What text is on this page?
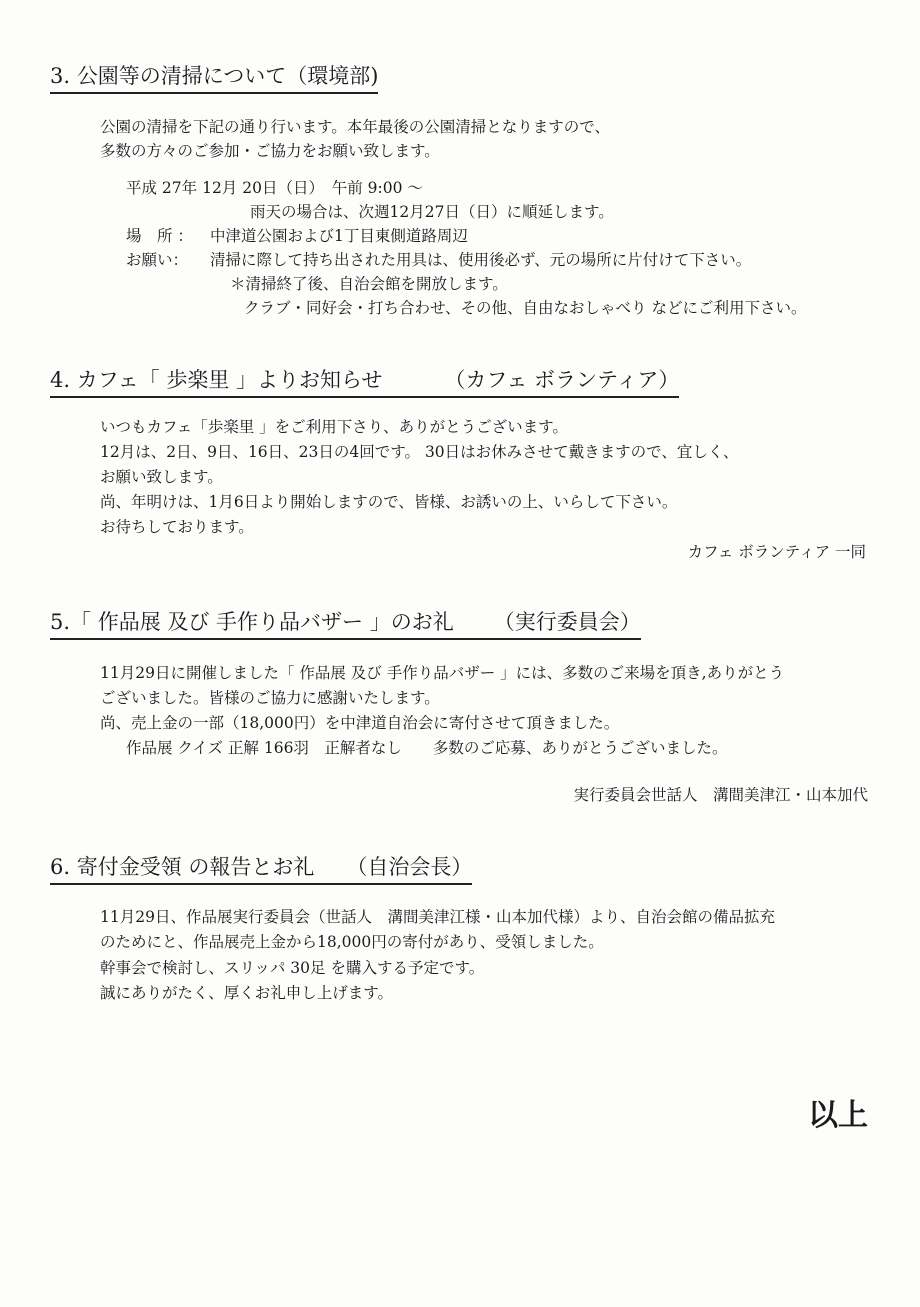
3. 公園等の清掃について（環境部)
公園の清掃を下記の通り行います。本年最後の公園清掃となりますので、
多数の方々のご参加・ご協力をお願い致します。
平成 27年 12月 20日（日）　午前 9:00 ～
雨天の場合は、次週12月27日（日）に順延します。
場　所 ： 中津道公園および1丁目東側道路周辺
お願い： 清掃に際して持ち出された用具は、使用後必ず、元の場所に片付けて下さい。
＊清掃終了後、自治会館を開放します。
クラブ・同好会・打ち合わせ、その他、自由なおしゃべり などにご利用下さい。
4. カフェ「 歩楽里 」よりお知らせ	（カフェ ボランティア）
いつもカフェ「歩楽里 」をご利用下さり、ありがとうございます。
12月は、2日、9日、16日、23日の4回です。 30日はお休みさせて戴きますので、宜しく、
お願い致します。
尚、年明けは、1月6日より開始しますので、皆様、お誘いの上、いらして下さい。
お待ちしております。
カフェ ボランティア 一同
5.「 作品展 及び 手作り品バザー 」のお礼 （実行委員会）
11月29日に開催しました「 作品展 及び 手作り品バザー 」には、多数のご来場を頂き,ありがとう
ございました。皆様のご協力に感謝いたします。
尚、売上金の一部（18,000円）を中津道自治会に寄付させて頂きました。
作品展 クイズ 正解 166羽　正解者なし　　多数のご応募、ありがとうございました。
実行委員会世話人　溝間美津江・山本加代
6. 寄付金受領 の報告とお礼 （自治会長）
11月29日、作品展実行委員会（世話人　溝間美津江様・山本加代様）より、自治会館の備品拡充
のためにと、作品展売上金から18,000円の寄付があり、受領しました。
幹事会で検討し、スリッパ 30足 を購入する予定です。
誠にありがたく、厚くお礼申し上げます。
以上
